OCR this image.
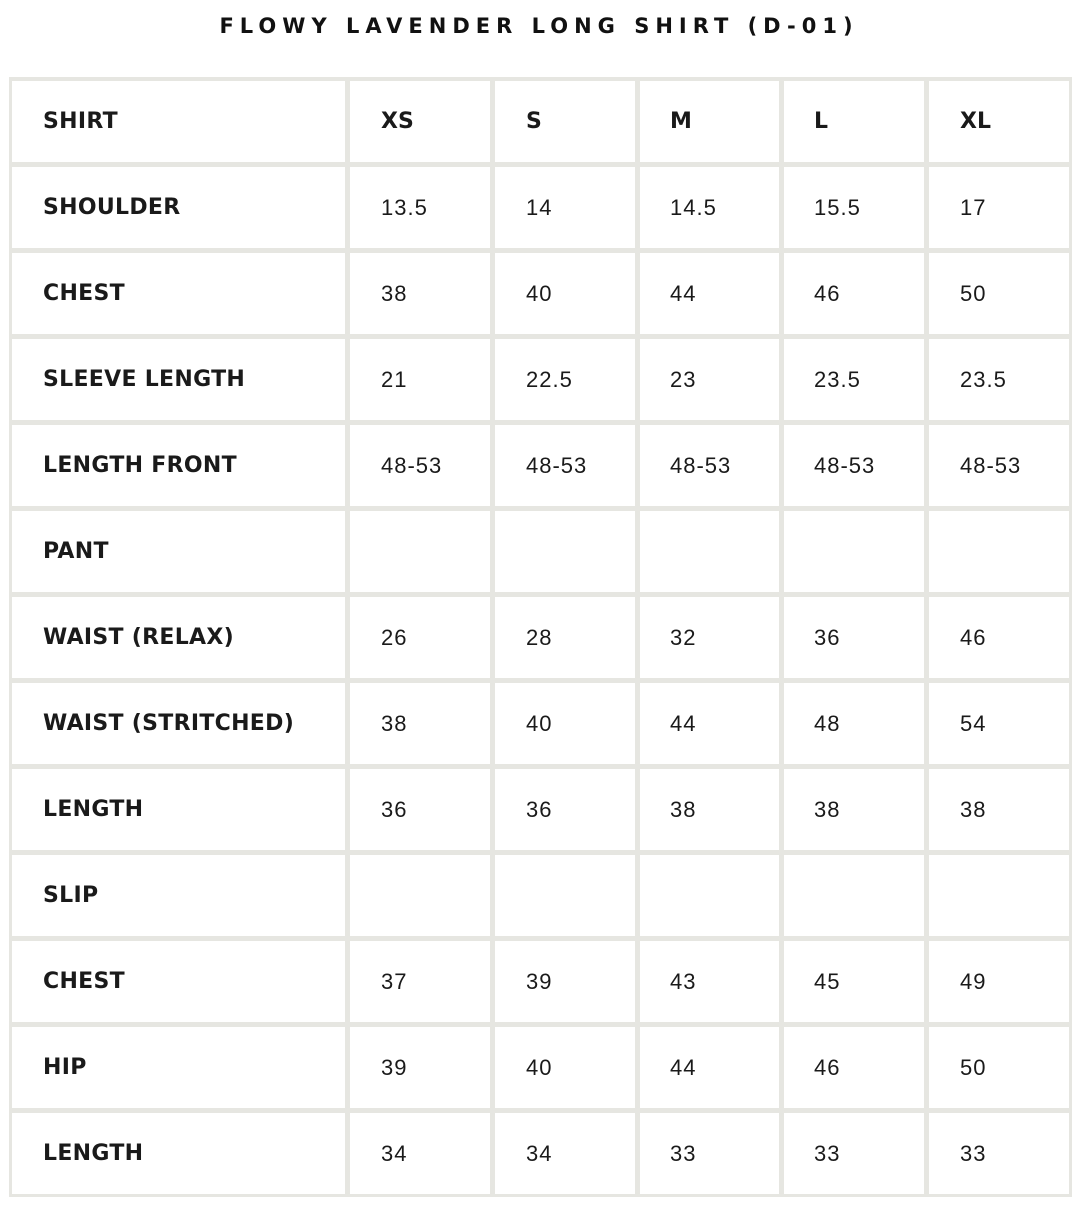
FLOWY LAVENDER LONG SHIRT (D-01)
SHIRT	XS	S	M	L	XL
SHOULDER	13.5	14	14.5	15.5	17
CHEST	38	40	44	46	50
SLEEVE LENGTH	21	22.5	23	23.5	23.5
LENGTH FRONT	48-53	48-53	48-53	48-53	48-53
PANT
WAIST (RELAX)	26	28	32	36	46
WAIST (STRITCHED)	38	40	44	48	54
LENGTH	36	36	38	38	38
SLIP
CHEST	37	39	43	45	49
HIP	39	40	44	46	50
LENGTH	34	34	33	33	33
